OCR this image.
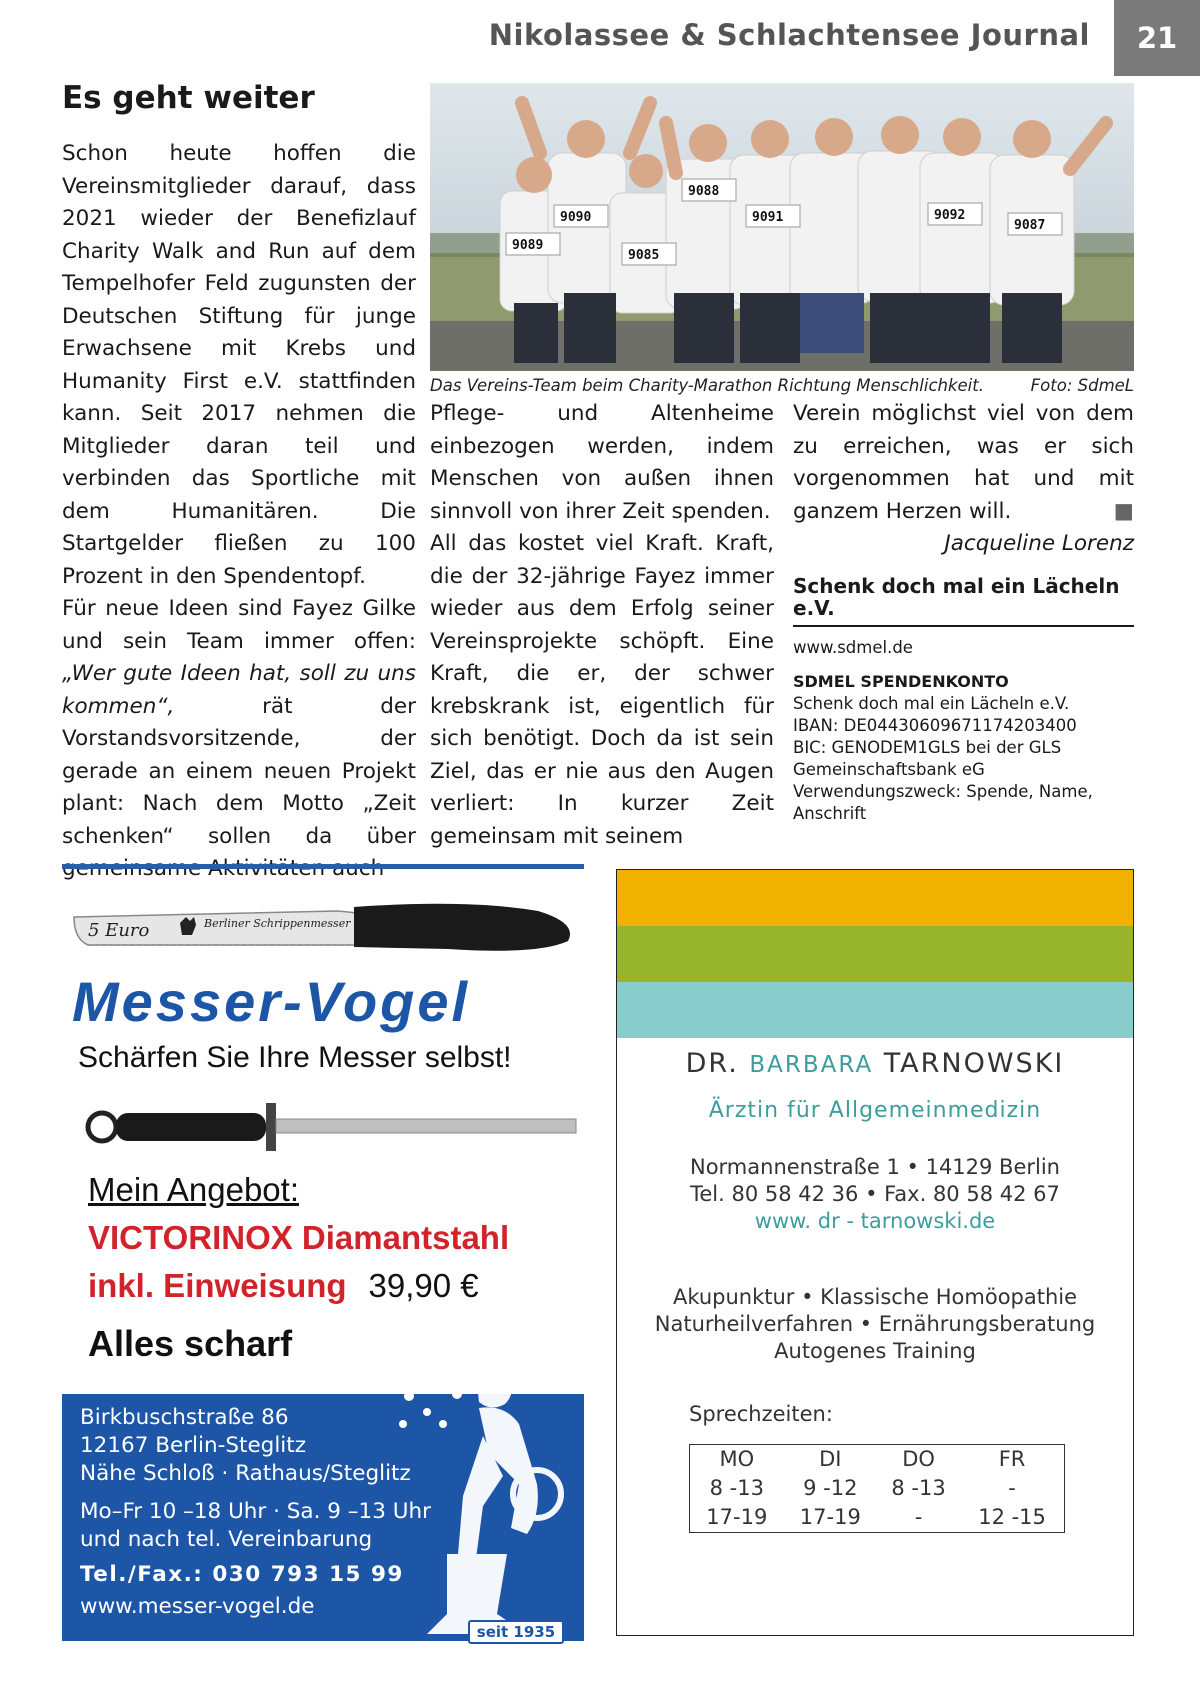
Nikolassee & Schlachtensee Journal	21
Es geht weiter

Schon heute hoffen die Vereinsmitglieder darauf, dass 2021 wieder der Benefizlauf Charity Walk and Run auf dem Tempelhofer Feld zugunsten der Deutschen Stiftung für junge Erwachsene mit Krebs und Humanity First e.V. stattfinden kann. Seit 2017 nehmen die Mitglieder daran teil und verbinden das Sportliche mit dem Humanitären. Die Startgelder fließen zu 100 Prozent in den Spendentopf.

Für neue Ideen sind Fayez Gilke und sein Team immer offen: „Wer gute Ideen hat, soll zu uns kommen“, rät der Vorstandsvorsitzende, der gerade an einem neuen Projekt plant: Nach dem Motto „Zeit schenken“ sollen da über gemeinsame Aktivitäten auch

9088
9090	9091	9092
9087
9089
9085
Das Vereins-Team beim Charity-Marathon Richtung Menschlichkeit.	Foto: SdmeL

Pflege- und Altenheime einbezogen werden, indem Menschen von außen ihnen sinnvoll von ihrer Zeit spenden.

All das kostet viel Kraft. Kraft, die der 32-jährige Fayez immer wieder aus dem Erfolg seiner Vereinsprojekte schöpft. Eine Kraft, die er, der schwer krebskrank ist, eigentlich für sich benötigt. Doch da ist sein Ziel, das er nie aus den Augen verliert: In kurzer Zeit gemeinsam mit seinem

Verein möglichst viel von dem zu erreichen, was er sich vorgenommen hat und mit ganzem Herzen will.	■

Jacqueline Lorenz

Schenk doch mal ein Lächeln e.V.
www.sdmel.de
SDMEL SPENDENKONTO
Schenk doch mal ein Lächeln e.V.
IBAN: DE04430609671174203400
BIC: GENODEM1GLS bei der GLS Gemeinschaftsbank eG
Verwendungszweck: Spende, Name, Anschrift
5 Euro	Berliner Schrippenmesser
Messer-Vogel
Schärfen Sie Ihre Messer selbst!
Mein Angebot:
VICTORINOX Diamantstahl
inkl. Einweisung 39,90 €
Alles scharf
Birkbuschstraße 86
12167 Berlin-Steglitz
Nähe Schloß · Rathaus/Steglitz
Mo–Fr 10 –18 Uhr · Sa. 9 –13 Uhr
und nach tel. Vereinbarung
Tel./Fax.: 030 793 15 99
www.messer-vogel.de
seit 1935
DR. BARBARA TARNOWSKI
Ärztin für Allgemeinmedizin
Normannenstraße 1 • 14129 Berlin
Tel. 80 58 42 36 • Fax. 80 58 42 67
www. dr - tarnowski.de
Akupunktur • Klassische Homöopathie
Naturheilverfahren • Ernährungsberatung
Autogenes Training
Sprechzeiten:
MO	DI	DO	FR
8 -13	9 -12	8 -13	-
17-19	17-19	-	12 -15
